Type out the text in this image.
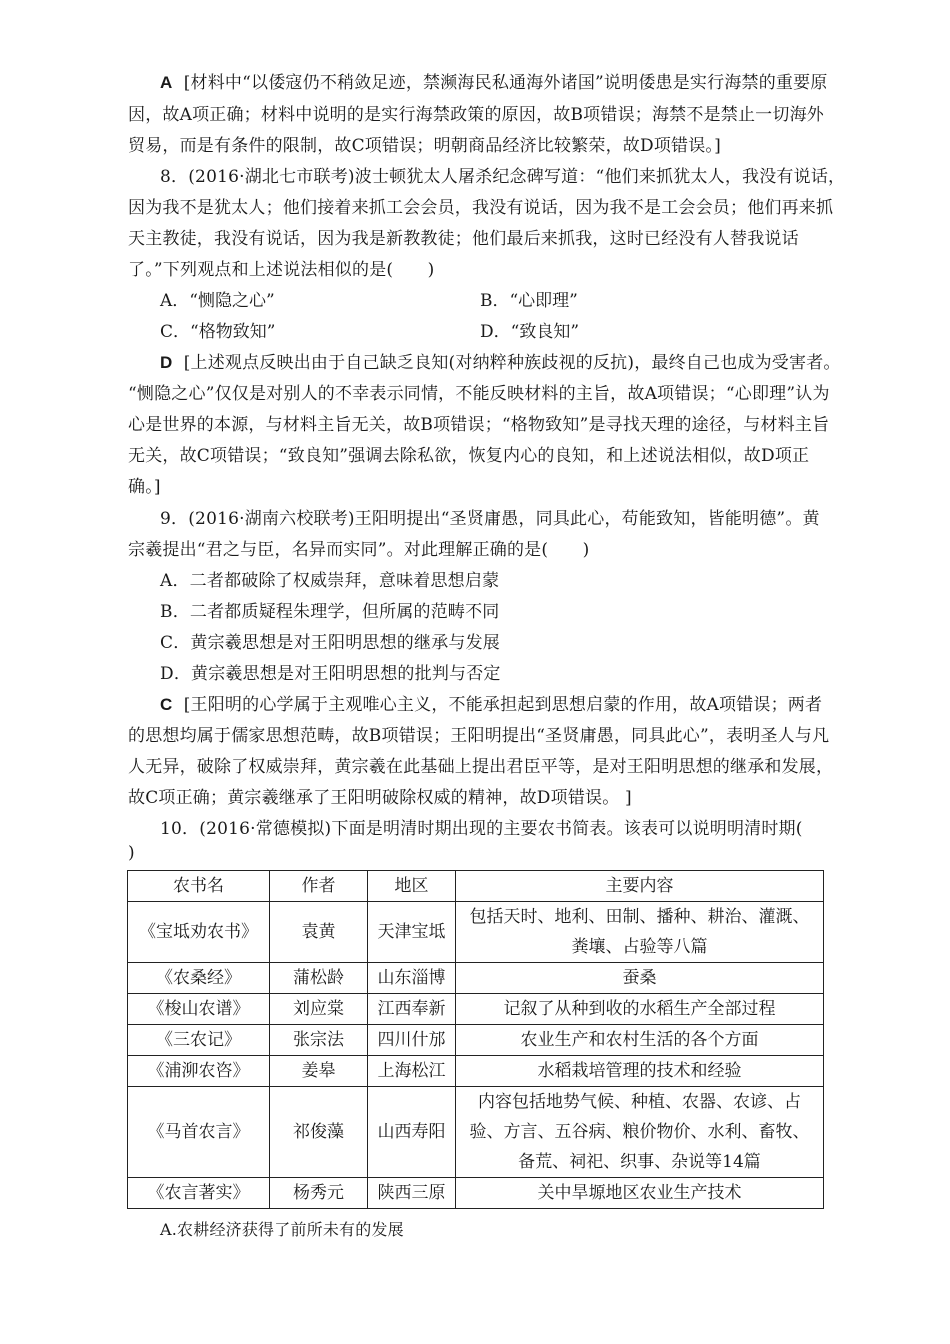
A [材料中“以倭寇仍不稍敛足迹，禁濒海民私通海外诸国”说明倭患是实行海禁的重要原
因，故A项正确；材料中说明的是实行海禁政策的原因，故B项错误；海禁不是禁止一切海外
贸易，而是有条件的限制，故C项错误；明朝商品经济比较繁荣，故D项错误。]
8．(2016·湖北七市联考)波士顿犹太人屠杀纪念碑写道：“他们来抓犹太人，我没有说话，
因为我不是犹太人；他们接着来抓工会会员，我没有说话，因为我不是工会会员；他们再来抓
天主教徒，我没有说话，因为我是新教教徒；他们最后来抓我，这时已经没有人替我说话
了。”下列观点和上述说法相似的是(　　)
A．“恻隐之心”	B．“心即理”
C．“格物致知”	D．“致良知”
D [上述观点反映出由于自己缺乏良知(对纳粹种族歧视的反抗)，最终自己也成为受害者。
“恻隐之心”仅仅是对别人的不幸表示同情，不能反映材料的主旨，故A项错误；“心即理”认为
心是世界的本源，与材料主旨无关，故B项错误；“格物致知”是寻找天理的途径，与材料主旨
无关，故C项错误；“致良知”强调去除私欲，恢复内心的良知，和上述说法相似，故D项正
确。]
9．(2016·湖南六校联考)王阳明提出“圣贤庸愚，同具此心，苟能致知，皆能明德”。黄
宗羲提出“君之与臣，名异而实同”。对此理解正确的是(　　)
A．二者都破除了权威崇拜，意味着思想启蒙
B．二者都质疑程朱理学，但所属的范畴不同
C．黄宗羲思想是对王阳明思想的继承与发展
D．黄宗羲思想是对王阳明思想的批判与否定
C [王阳明的心学属于主观唯心主义，不能承担起到思想启蒙的作用，故A项错误；两者
的思想均属于儒家思想范畴，故B项错误；王阳明提出“圣贤庸愚，同具此心”，表明圣人与凡
人无异，破除了权威崇拜，黄宗羲在此基础上提出君臣平等，是对王阳明思想的继承和发展，
故C项正确；黄宗羲继承了王阳明破除权威的精神，故D项错误。 ]
10．(2016·常德模拟)下面是明清时期出现的主要农书简表。该表可以说明明清时期(
)
农书名	作者	地区	主要内容
《宝坻劝农书》	袁黄	天津宝坻	包括天时、地利、田制、播种、耕治、灌溉、
粪壤、占验等八篇

《农桑经》	蒲松龄	山东淄博	蚕桑
《梭山农谱》	刘应棠	江西奉新	记叙了从种到收的水稻生产全部过程
《三农记》	张宗法	四川什邡	农业生产和农村生活的各个方面
《浦泖农咨》	姜皋	上海松江	水稻栽培管理的技术和经验
《马首农言》	祁俊藻	山西寿阳	内容包括地势气候、种植、农器、农谚、占
验、方言、五谷病、粮价物价、水利、畜牧、
备荒、祠祀、织事、杂说等14篇

《农言著实》	杨秀元	陕西三原	关中旱塬地区农业生产技术
A.农耕经济获得了前所未有的发展
